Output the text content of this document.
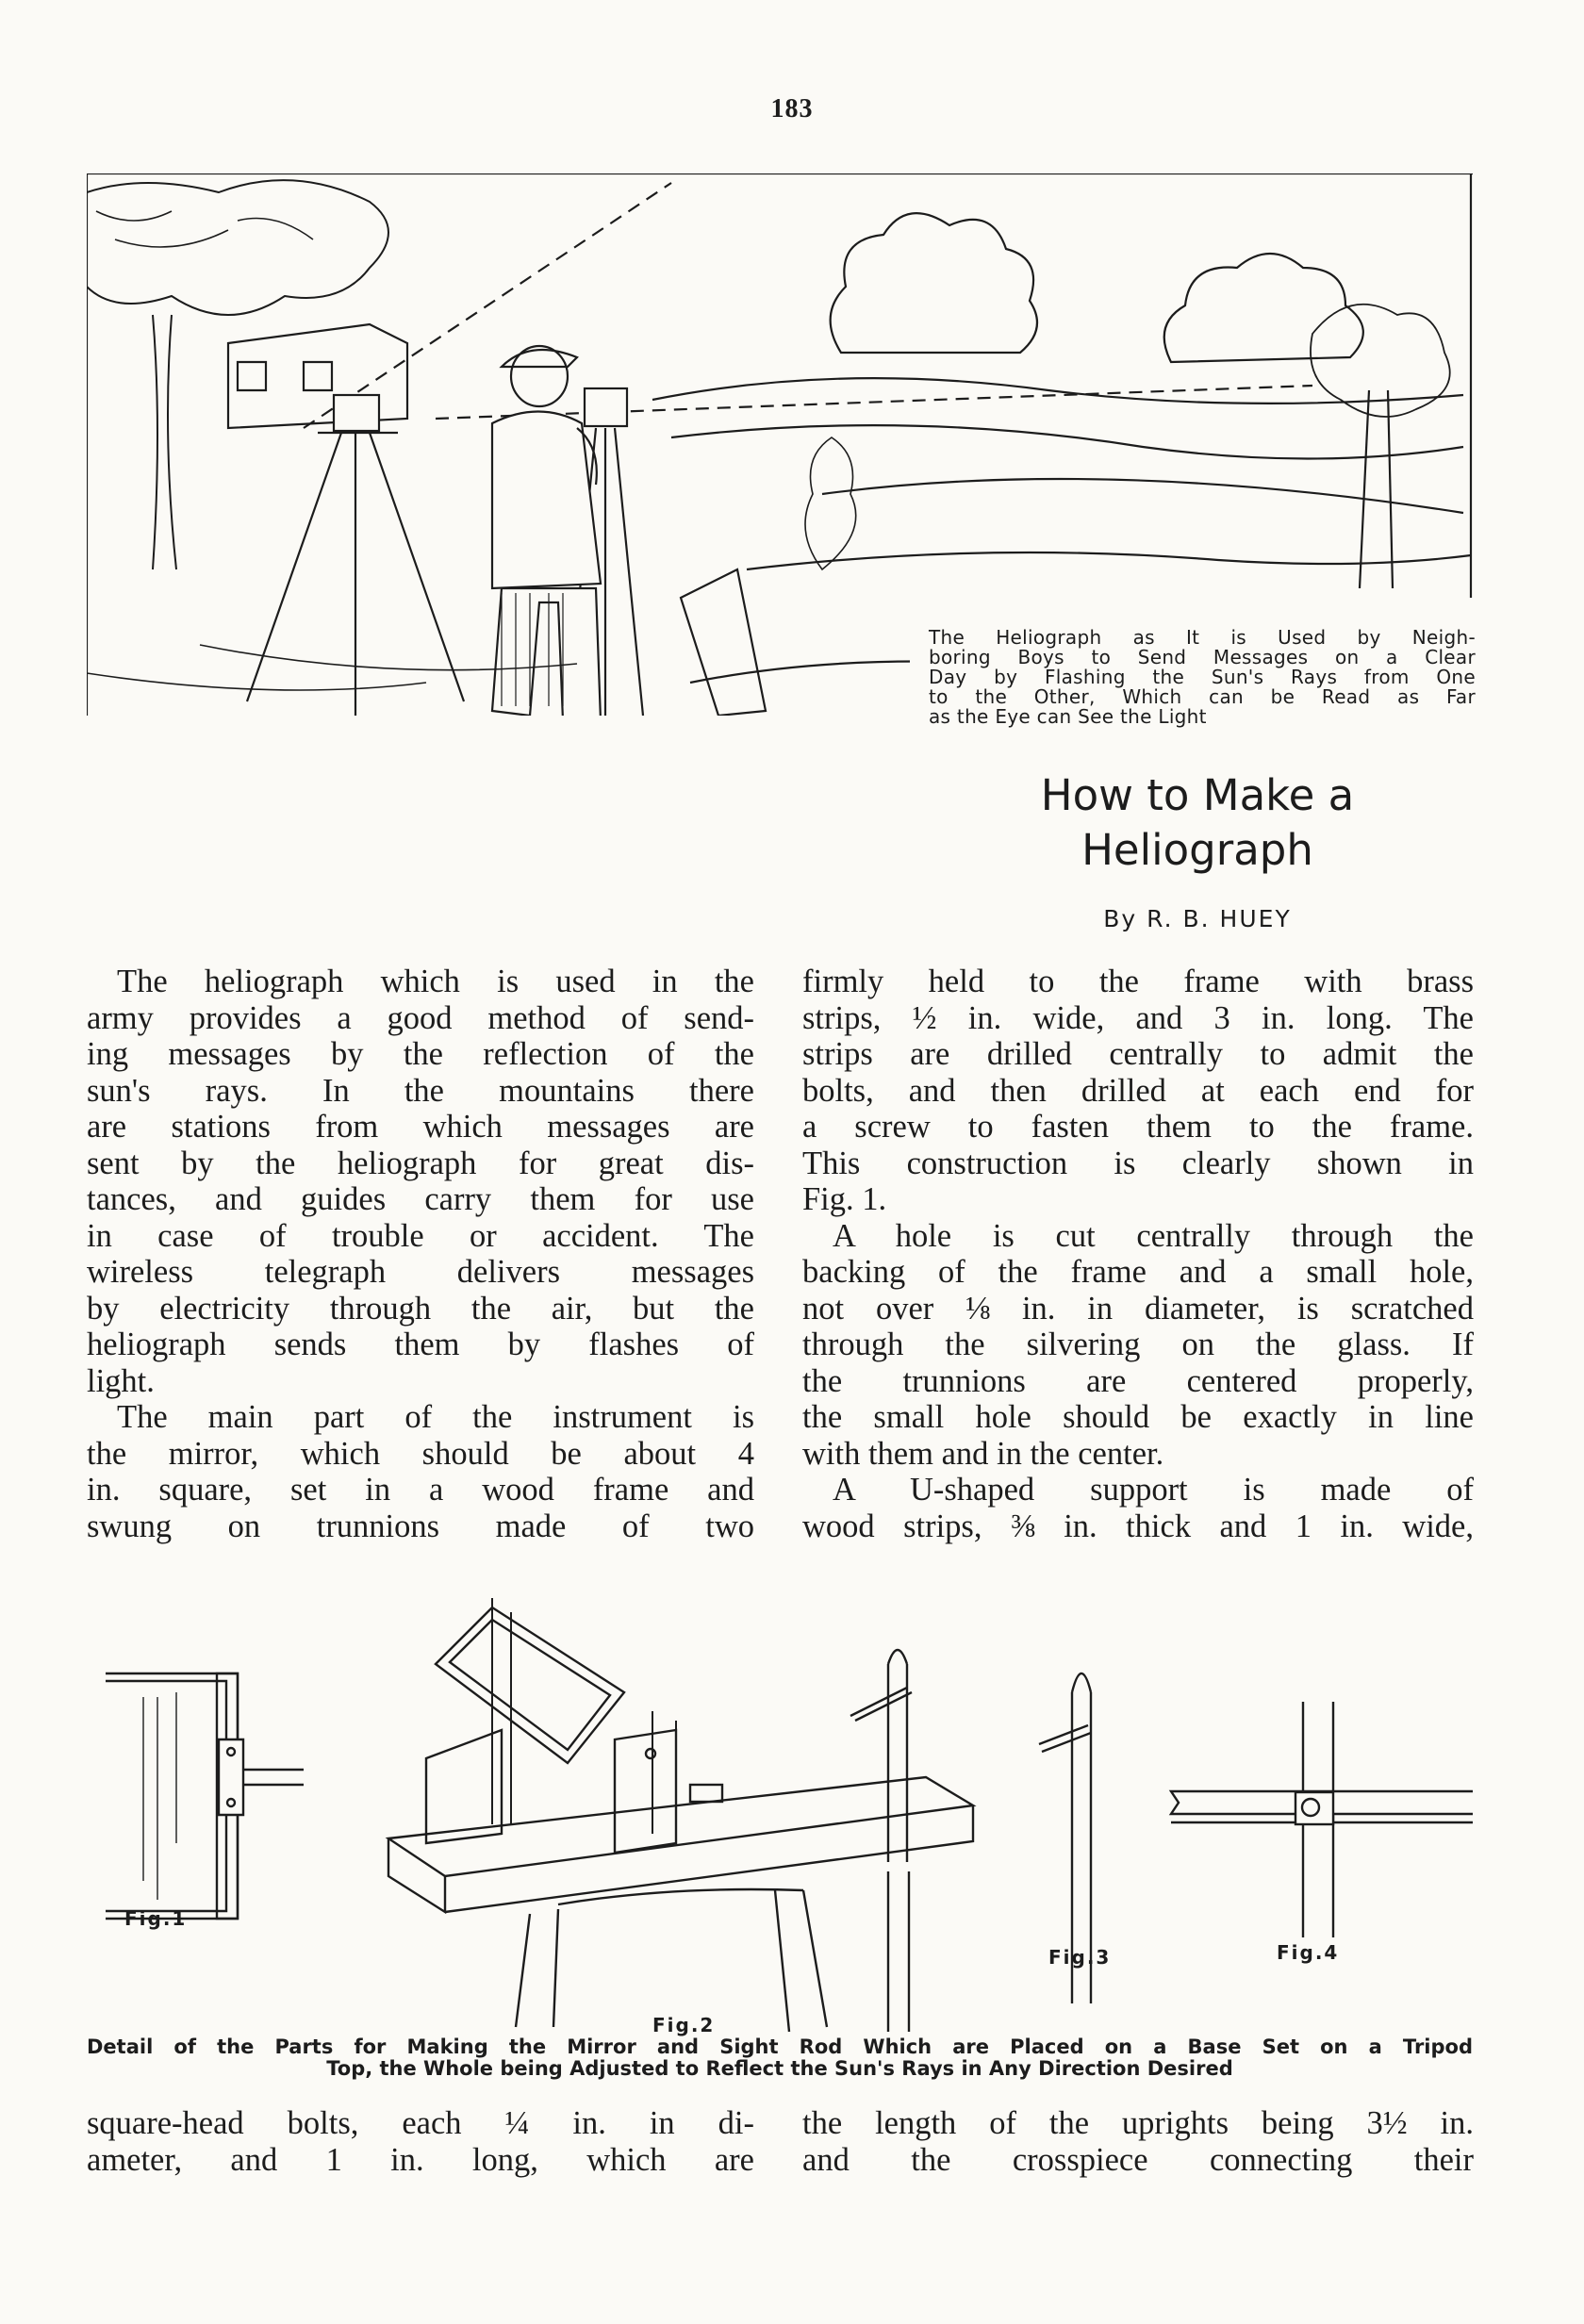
183
The Heliograph as It is Used by Neigh-
boring Boys to Send Messages on a Clear
Day by Flashing the Sun's Rays from One
to the Other, Which can be Read as Far
as the Eye can See the Light
How to Make a
Heliograph
By R. B. HUEY
The heliograph which is used in the
army provides a good method of send-
ing messages by the reflection of the
sun's rays. In the mountains there
are stations from which messages are
sent by the heliograph for great dis-
tances, and guides carry them for use
in case of trouble or accident. The
wireless telegraph delivers messages
by electricity through the air, but the
heliograph sends them by flashes of
light.
The main part of the instrument is
the mirror, which should be about 4
in. square, set in a wood frame and
swung on trunnions made of two
firmly held to the frame with brass
strips, ½ in. wide, and 3 in. long. The
strips are drilled centrally to admit the
bolts, and then drilled at each end for
a screw to fasten them to the frame.
This construction is clearly shown in
Fig. 1.
A hole is cut centrally through the
backing of the frame and a small hole,
not over ⅛ in. in diameter, is scratched
through the silvering on the glass. If
the trunnions are centered properly,
the small hole should be exactly in line
with them and in the center.
A U-shaped support is made of
wood strips, ⅜ in. thick and 1 in. wide,
Fig.1
Fig.3	Fig.4
Fig.2
Detail of the Parts for Making the Mirror and Sight Rod Which are Placed on a Base Set on a Tripod
Top, the Whole being Adjusted to Reflect the Sun's Rays in Any Direction Desired
square-head bolts, each ¼ in. in di-
ameter, and 1 in. long, which are
the length of the uprights being 3½ in.
and the crosspiece connecting their
